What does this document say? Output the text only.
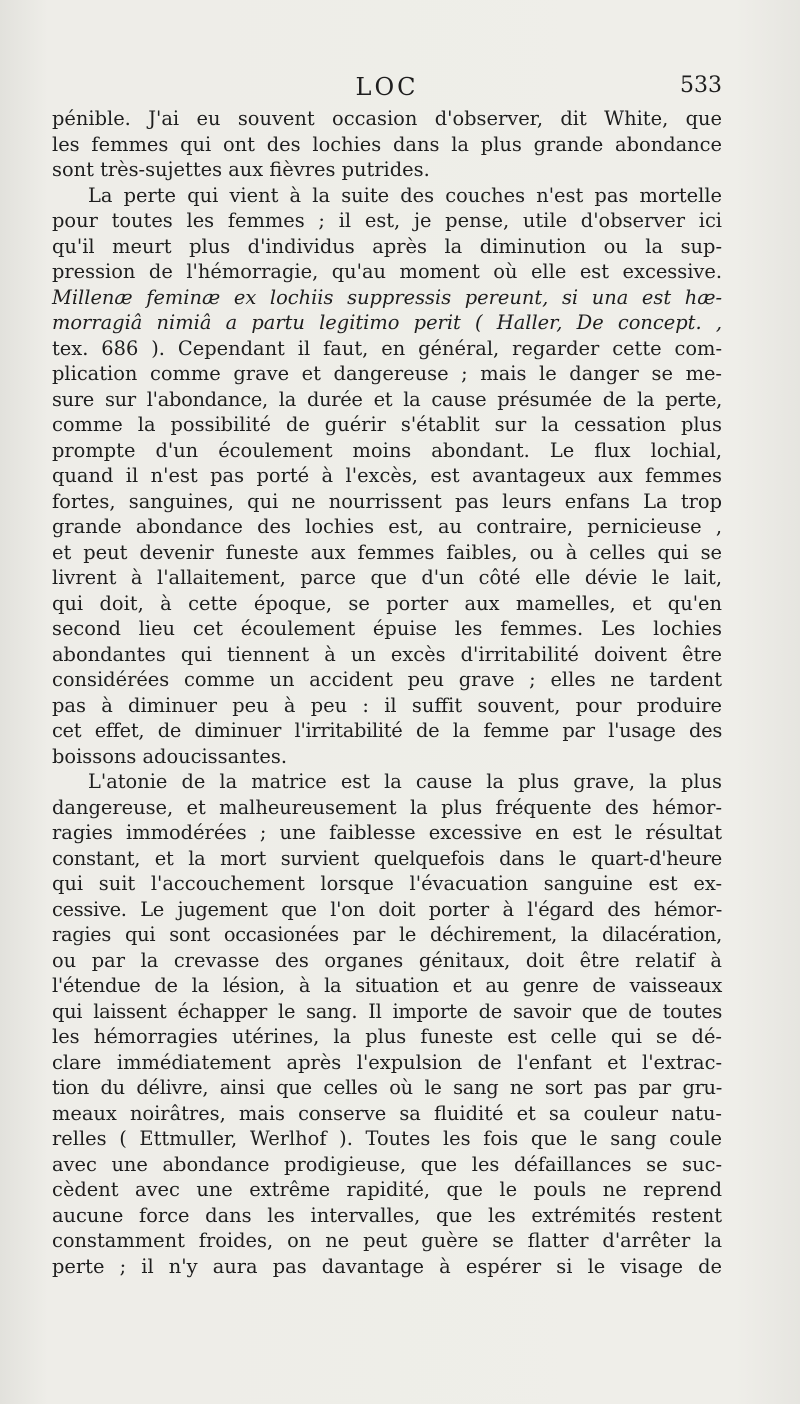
LOC	533
pénible. J'ai eu souvent occasion d'observer, dit White, que
les femmes qui ont des lochies dans la plus grande abondance
sont très-sujettes aux fièvres putrides.
La perte qui vient à la suite des couches n'est pas mortelle
pour toutes les femmes ; il est, je pense, utile d'observer ici
qu'il meurt plus d'individus après la diminution ou la sup-
pression de l'hémorragie, qu'au moment où elle est excessive.
Millenæ feminæ ex lochiis suppressis pereunt, si una est hæ-
morragiâ nimiâ a partu legitimo perit ( Haller, De concept. ,
tex. 686 ). Cependant il faut, en général, regarder cette com-
plication comme grave et dangereuse ; mais le danger se me-
sure sur l'abondance, la durée et la cause présumée de la perte,
comme la possibilité de guérir s'établit sur la cessation plus
prompte d'un écoulement moins abondant. Le flux lochial,
quand il n'est pas porté à l'excès, est avantageux aux femmes
fortes, sanguines, qui ne nourrissent pas leurs enfans La trop
grande abondance des lochies est, au contraire, pernicieuse ,
et peut devenir funeste aux femmes faibles, ou à celles qui se
livrent à l'allaitement, parce que d'un côté elle dévie le lait,
qui doit, à cette époque, se porter aux mamelles, et qu'en
second lieu cet écoulement épuise les femmes. Les lochies
abondantes qui tiennent à un excès d'irritabilité doivent être
considérées comme un accident peu grave ; elles ne tardent
pas à diminuer peu à peu : il suffit souvent, pour produire
cet effet, de diminuer l'irritabilité de la femme par l'usage des
boissons adoucissantes.
L'atonie de la matrice est la cause la plus grave, la plus
dangereuse, et malheureusement la plus fréquente des hémor-
ragies immodérées ; une faiblesse excessive en est le résultat
constant, et la mort survient quelquefois dans le quart-d'heure
qui suit l'accouchement lorsque l'évacuation sanguine est ex-
cessive. Le jugement que l'on doit porter à l'égard des hémor-
ragies qui sont occasionées par le déchirement, la dilacération,
ou par la crevasse des organes génitaux, doit être relatif à
l'étendue de la lésion, à la situation et au genre de vaisseaux
qui laissent échapper le sang. Il importe de savoir que de toutes
les hémorragies utérines, la plus funeste est celle qui se dé-
clare immédiatement après l'expulsion de l'enfant et l'extrac-
tion du délivre, ainsi que celles où le sang ne sort pas par gru-
meaux noirâtres, mais conserve sa fluidité et sa couleur natu-
relles ( Ettmuller, Werlhof ). Toutes les fois que le sang coule
avec une abondance prodigieuse, que les défaillances se suc-
cèdent avec une extrême rapidité, que le pouls ne reprend
aucune force dans les intervalles, que les extrémités restent
constamment froides, on ne peut guère se flatter d'arrêter la
perte ; il n'y aura pas davantage à espérer si le visage de
